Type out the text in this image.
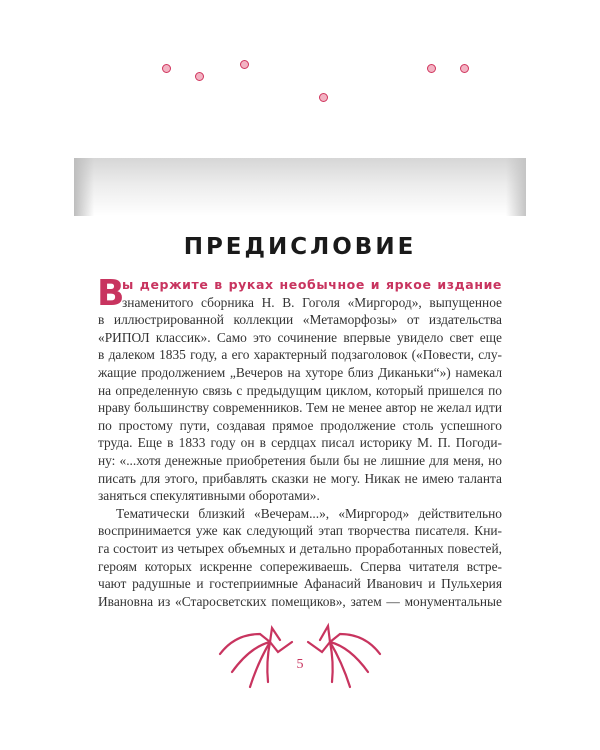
ПРЕДИСЛОВИЕ
В
ы держите в руках необычное и яркое издание
знаменитого сборника Н. В. Гоголя «Миргород», выпущенное
в иллюстрированной коллекции «Метаморфозы» от издательства
«РИПОЛ классик». Само это сочинение впервые увидело свет еще
в далеком 1835 году, а его характерный подзаголовок («Повести, слу-
жащие продолжением „Вечеров на хуторе близ Диканьки“») намекал
на определенную связь с предыдущим циклом, который пришелся по
нраву большинству современников. Тем не менее автор не желал идти
по простому пути, создавая прямое продолжение столь успешного
труда. Еще в 1833 году он в сердцах писал историку М. П. Погоди-
ну: «...хотя денежные приобретения были бы не лишние для меня, но
писать для этого, прибавлять сказки не могу. Никак не имею таланта
заняться спекулятивными оборотами».
Тематически близкий «Вечерам...», «Миргород» действительно
воспринимается уже как следующий этап творчества писателя. Кни-
га состоит из четырех объемных и детально проработанных повестей,
героям которых искренне сопереживаешь. Сперва читателя встре-
чают радушные и гостеприимные Афанасий Иванович и Пульхерия
Ивановна из «Старосветских помещиков», затем — монументальные
5
